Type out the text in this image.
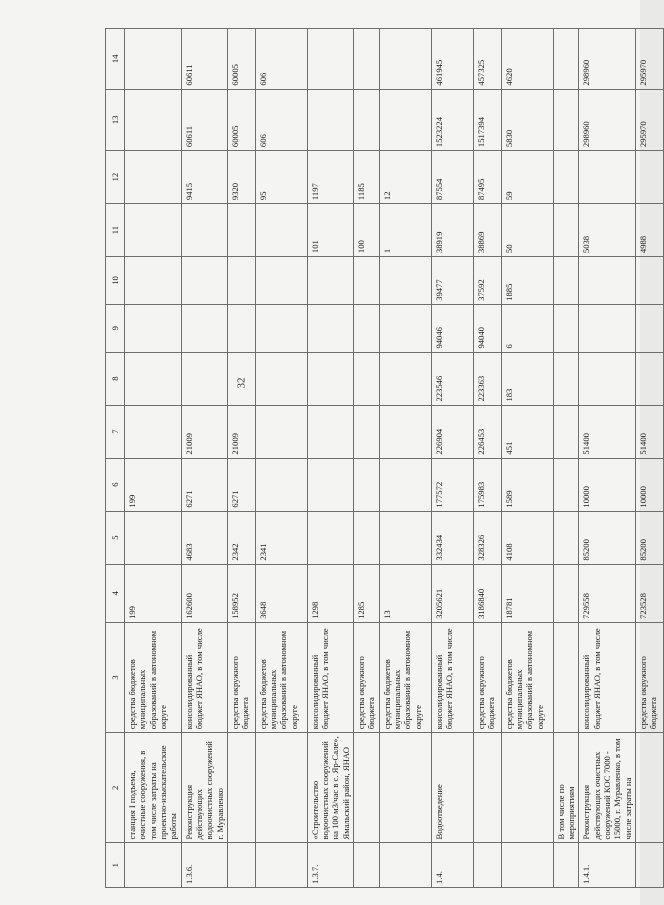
32
1	2	3	4	5	6	7	8	9	10	11	12	13	14
	станция I подъема, очистные сооружения, в том числе затраты на проектно-изыскательские работы	средства бюджетов муниципальных образований в автономном округе	199		199								
1.3.6.	Реконструкция действующих водоочистных сооружений г. Муравленко	консолидированный бюджет ЯНАО, в том числе	162600	4683	6271	21009					9415	60611	60611
		средства окружного бюджета	158952	2342	6271	21009					9320	60005	60005
		средства бюджетов муниципальных образований в автономном округе	3648	2341							95	606	606
1.3.7.	«Строительство водоочистных сооружений на 100 м3/час в с. Яр-Сале», Ямальский район, ЯНАО	консолидированный бюджет ЯНАО, в том числе	1298							101	1197		
		средства окружного бюджета	1285							100	1185		
		средства бюджетов муниципальных образований в автономном округе	13							1	12		
1.4.	Водоотведение	консолидированный бюджет ЯНАО, в том числе	3205621	332434	177572	226904	223546	94046	39477	38919	87554	1523224	461945
		средства окружного бюджета	3186840	328326	175983	226453	223363	94040	37592	38869	87495	1517394	457325
		средства бюджетов муниципальных образований в автономном округе	18781	4108	1589	451	183	6	1885	50	59	5830	4620
	В том числе по мероприятиям												
1.4.1.	Реконструкция действующих очистных сооружений КОС 7000 - 15000, г. Муравленко, в том числе затраты на	консолидированный бюджет ЯНАО, в том числе	729558	85200	10000	51400				5038		298960	298960
		средства окружного бюджета	723528	85200	10000	51400				4988		295970	295970
